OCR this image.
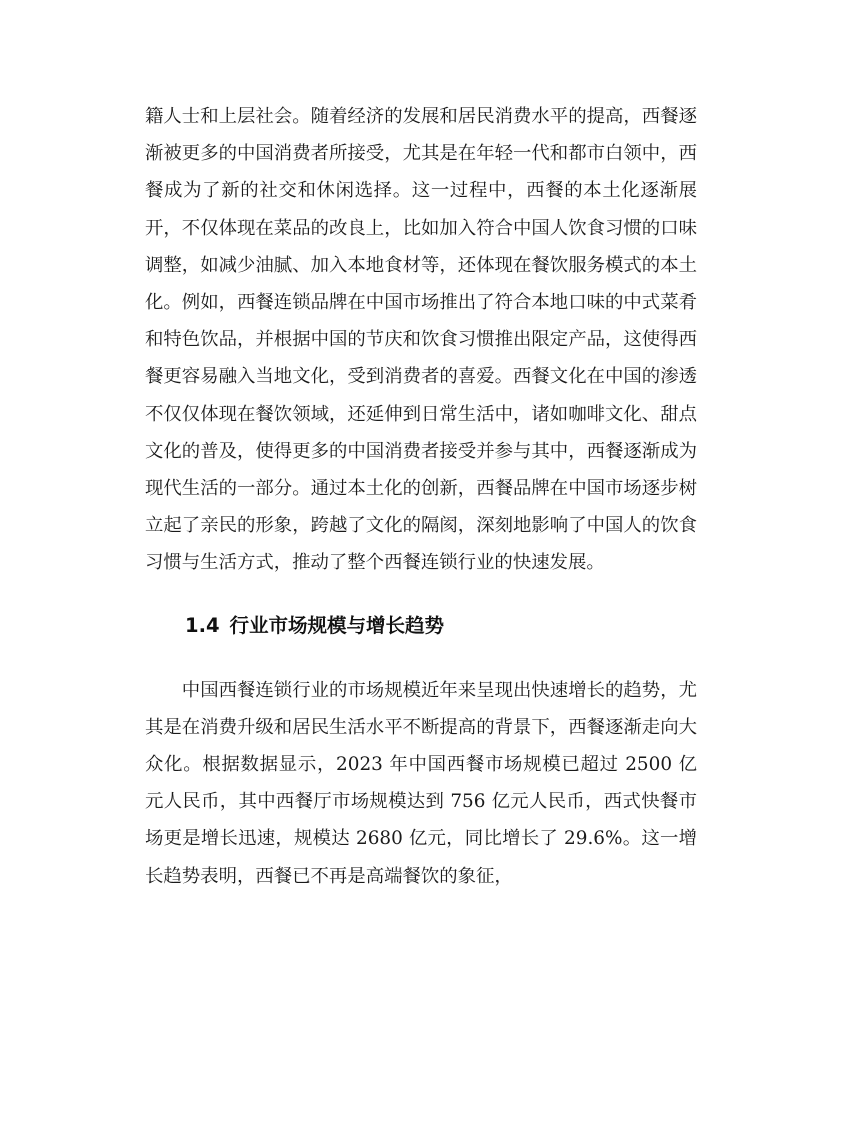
籍人士和上层社会。随着经济的发展和居民消费水平的提高，西餐逐渐被更多的中国消费者所接受，尤其是在年轻一代和都市白领中，西餐成为了新的社交和休闲选择。这一过程中，西餐的本土化逐渐展开，不仅体现在菜品的改良上，比如加入符合中国人饮食习惯的口味调整，如减少油腻、加入本地食材等，还体现在餐饮服务模式的本土化。例如，西餐连锁品牌在中国市场推出了符合本地口味的中式菜肴和特色饮品，并根据中国的节庆和饮食习惯推出限定产品，这使得西餐更容易融入当地文化，受到消费者的喜爱。西餐文化在中国的渗透不仅仅体现在餐饮领域，还延伸到日常生活中，诸如咖啡文化、甜点文化的普及，使得更多的中国消费者接受并参与其中，西餐逐渐成为现代生活的一部分。通过本土化的创新，西餐品牌在中国市场逐步树立起了亲民的形象，跨越了文化的隔阂，深刻地影响了中国人的饮食习惯与生活方式，推动了整个西餐连锁行业的快速发展。

1.4 行业市场规模与增长趋势

中国西餐连锁行业的市场规模近年来呈现出快速增长的趋势，尤其是在消费升级和居民生活水平不断提高的背景下，西餐逐渐走向大众化。根据数据显示，2023 年中国西餐市场规模已超过 2500 亿元人民币，其中西餐厅市场规模达到 756 亿元人民币，西式快餐市场更是增长迅速，规模达 2680 亿元，同比增长了 29.6%。这一增长趋势表明，西餐已不再是高端餐饮的象征，
